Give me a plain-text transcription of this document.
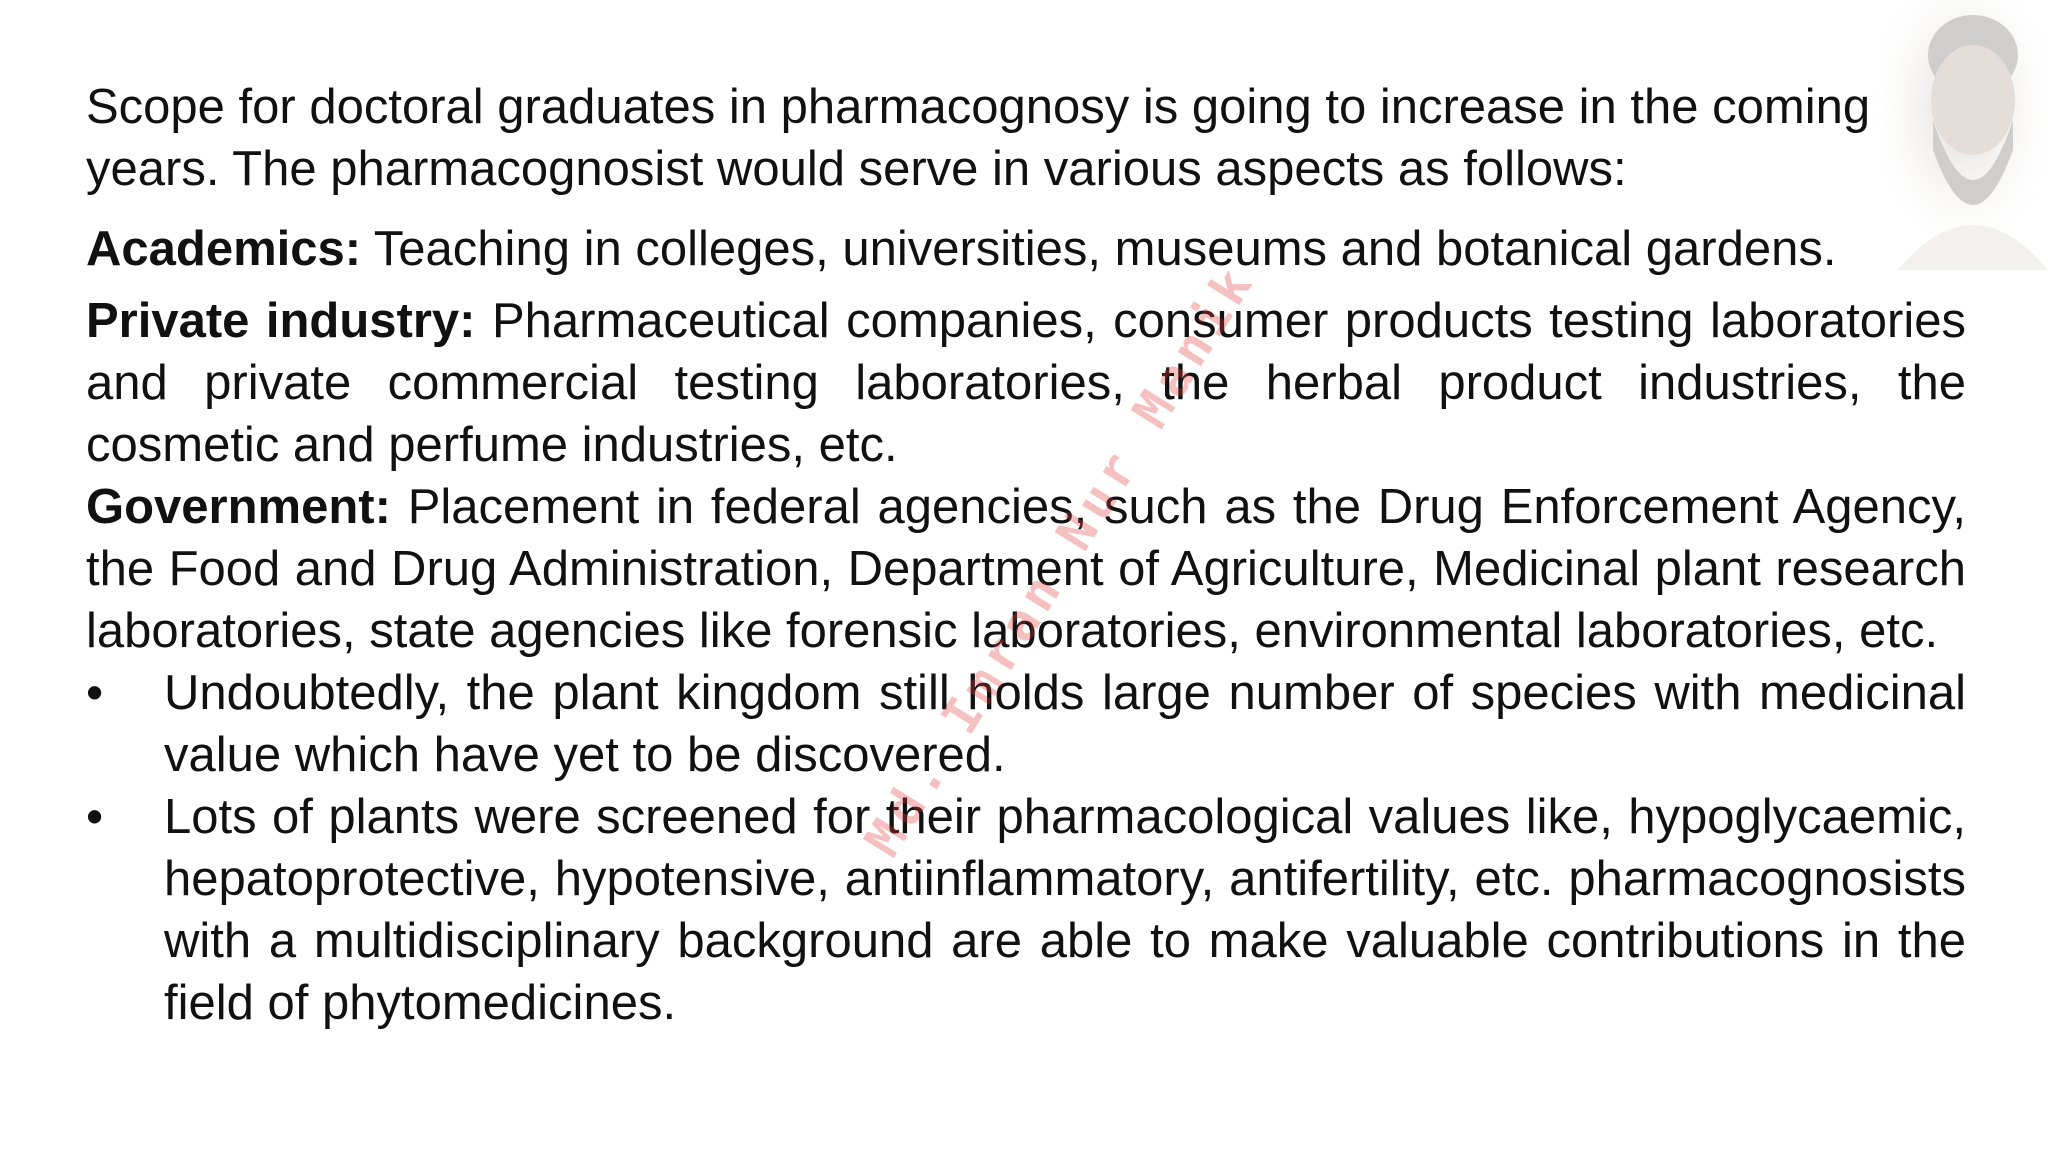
Scope for doctoral graduates in pharmacognosy is going to increase in the coming years. The pharmacognosist would serve in various aspects as follows:

Academics: Teaching in colleges, universities, museums and botanical gardens.

Private industry: Pharmaceutical companies, consumer products testing laboratories and private commercial testing laboratories, the herbal product industries, the cosmetic and perfume industries, etc.

Government: Placement in federal agencies, such as the Drug Enforcement Agency, the Food and Drug Administration, Department of Agriculture, Medicinal plant research laboratories, state agencies like forensic laboratories, environmental laboratories, etc.

• Undoubtedly, the plant kingdom still holds large number of species with medicinal value which have yet to be discovered.
• Lots of plants were screened for their pharmacological values like, hypoglycaemic, hepatoprotective, hypotensive, antiinflammatory, antifertility, etc. pharmacognosists with a multidisciplinary background are able to make valuable contributions in the field of phytomedicines.
Md. Imran Nur Manik
